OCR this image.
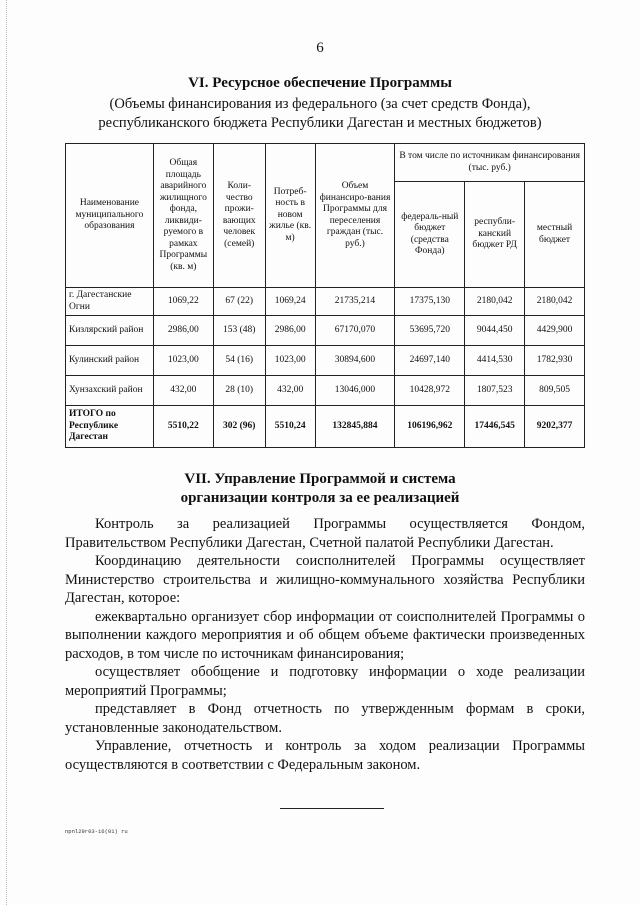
6
VI. Ресурсное обеспечение Программы
(Объемы финансирования из федерального (за счет средств Фонда),
республиканского бюджета Республики Дагестан и местных бюджетов)
Наименование муниципального образования	Общая площадь аварийного жилищного фонда, ликвиди-руемого в рамках Программы (кв. м)	Коли-чество прожи-вающих человек (семей)	Потреб-ность в новом жилье (кв. м)	Объем финансиро-вания Программы для переселения граждан (тыс. руб.)	В том числе по источникам финансирования (тыс. руб.)		
					федераль-ный бюджет (средства Фонда)	республи-канский бюджет РД	местный бюджет
г. Дагестанские Огни	1069,22	67 (22)	1069,24	21735,214	17375,130	2180,042	2180,042
Кизлярский район	2986,00	153 (48)	2986,00	67170,070	53695,720	9044,450	4429,900
Кулинский район	1023,00	54 (16)	1023,00	30894,600	24697,140	4414,530	1782,930
Хунзахский район	432,00	28 (10)	432,00	13046,000	10428,972	1807,523	809,505
ИТОГО по Республике Дагестан	5510,22	302 (96)	5510,24	132845,884	106196,962	17446,545	9202,377
VII. Управление Программой и система
организации контроля за ее реализацией

Контроль за реализацией Программы осуществляется Фондом, Правительством Республики Дагестан, Счетной палатой Республики Дагестан.

Координацию деятельности соисполнителей Программы осуществляет Министерство строительства и жилищно-коммунального хозяйства Республики Дагестан, которое:

ежеквартально организует сбор информации от соисполнителей Программы о выполнении каждого мероприятия и об общем объеме фактически произведенных расходов, в том числе по источникам финансирования;

осуществляет обобщение и подготовку информации о ходе реализации мероприятий Программы;

представляет в Фонд отчетность по утвержденным формам в сроки, установленные законодательством.

Управление, отчетность и контроль за ходом реализации Программы осуществляются в соответствии с Федеральным законом.

npnl29r03-16(01) ru
